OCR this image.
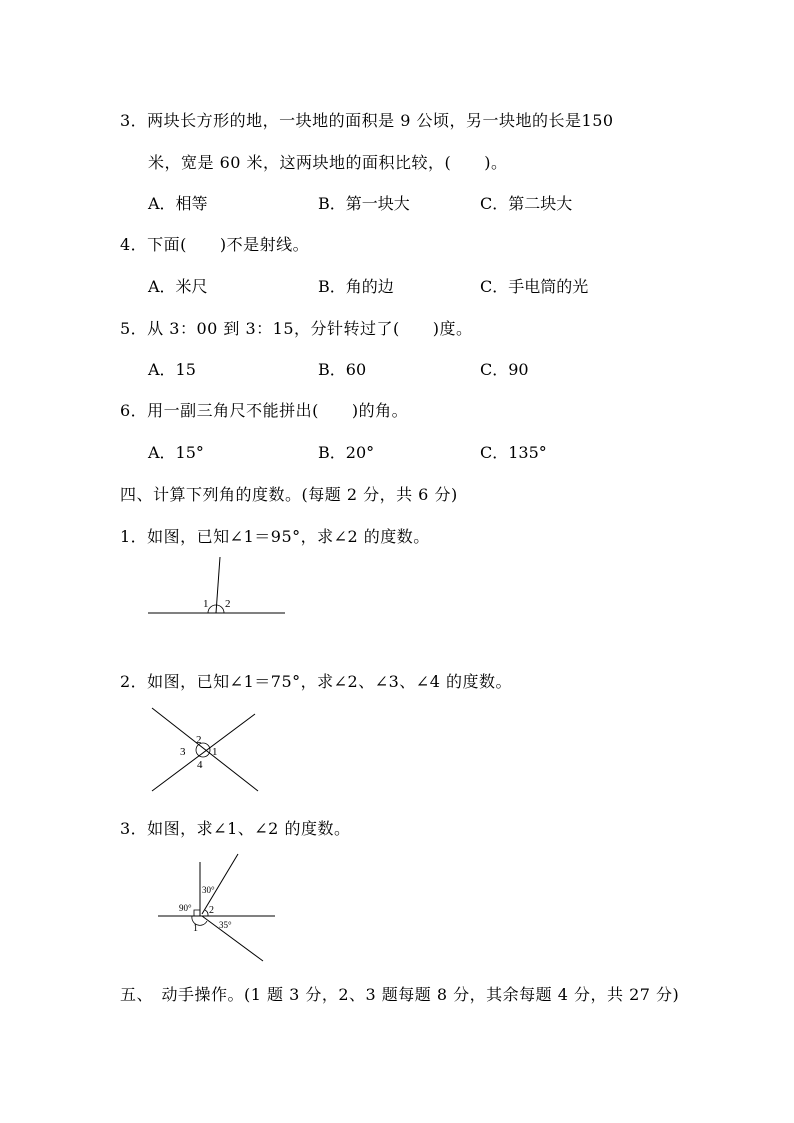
3．两块长方形的地，一块地的面积是 9 公顷，另一块地的长是150
米，宽是 60 米，这两块地的面积比较，(　　)。
A．相等	B．第一块大	C．第二块大
4．下面(　　)不是射线。
A．米尺	B．角的边	C．手电筒的光
5．从 3：00 到 3：15，分针转过了(　　)度。
A．15	B．60	C．90
6．用一副三角尺不能拼出(　　)的角。
A．15°	B．20°	C．135°
四、计算下列角的度数。(每题 2 分，共 6 分)
1．如图，已知∠1＝95°，求∠2 的度数。
1 2
2．如图，已知∠1＝75°，求∠2、∠3、∠4 的度数。
2
3 1
4
3．如图，求∠1、∠2 的度数。
30°
90° 2
1 35°
五、　动手操作。(1 题 3 分，2、3 题每题 8 分，其余每题 4 分，共 27 分)
